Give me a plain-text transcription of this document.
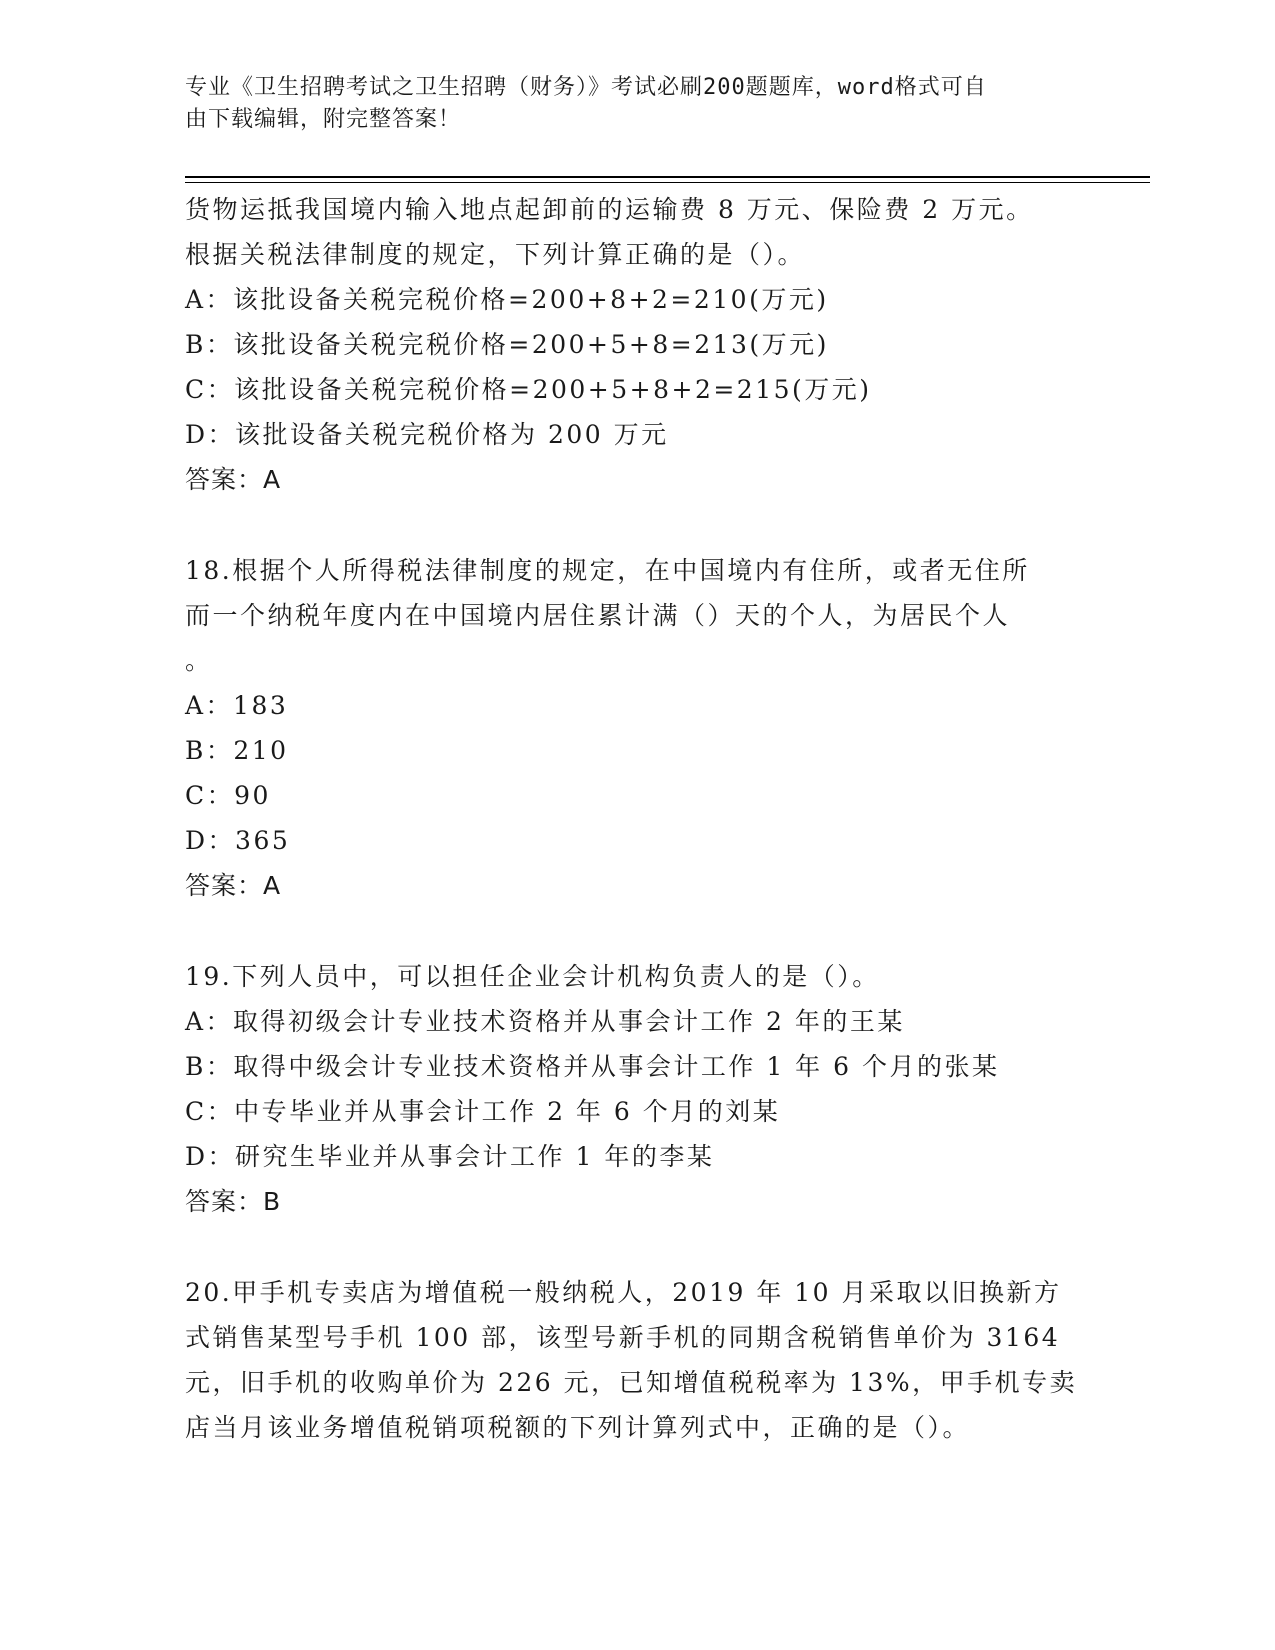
专业《卫生招聘考试之卫生招聘（财务）》考试必刷200题题库，word格式可自
由下载编辑，附完整答案！
货物运抵我国境内输入地点起卸前的运输费 8 万元、保险费 2 万元。
根据关税法律制度的规定，下列计算正确的是（）。
A：该批设备关税完税价格=200+8+2=210(万元)
B：该批设备关税完税价格=200+5+8=213(万元)
C：该批设备关税完税价格=200+5+8+2=215(万元)
D：该批设备关税完税价格为 200 万元
答案：A
18.根据个人所得税法律制度的规定，在中国境内有住所，或者无住所
而一个纳税年度内在中国境内居住累计满（）天的个人，为居民个人
。
A：183
B：210
C：90
D：365
答案：A
19.下列人员中，可以担任企业会计机构负责人的是（）。
A：取得初级会计专业技术资格并从事会计工作 2 年的王某
B：取得中级会计专业技术资格并从事会计工作 1 年 6 个月的张某
C：中专毕业并从事会计工作 2 年 6 个月的刘某
D：研究生毕业并从事会计工作 1 年的李某
答案：B
20.甲手机专卖店为增值税一般纳税人，2019 年 10 月采取以旧换新方
式销售某型号手机 100 部，该型号新手机的同期含税销售单价为 3164
元，旧手机的收购单价为 226 元，已知增值税税率为 13%，甲手机专卖
店当月该业务增值税销项税额的下列计算列式中，正确的是（）。
